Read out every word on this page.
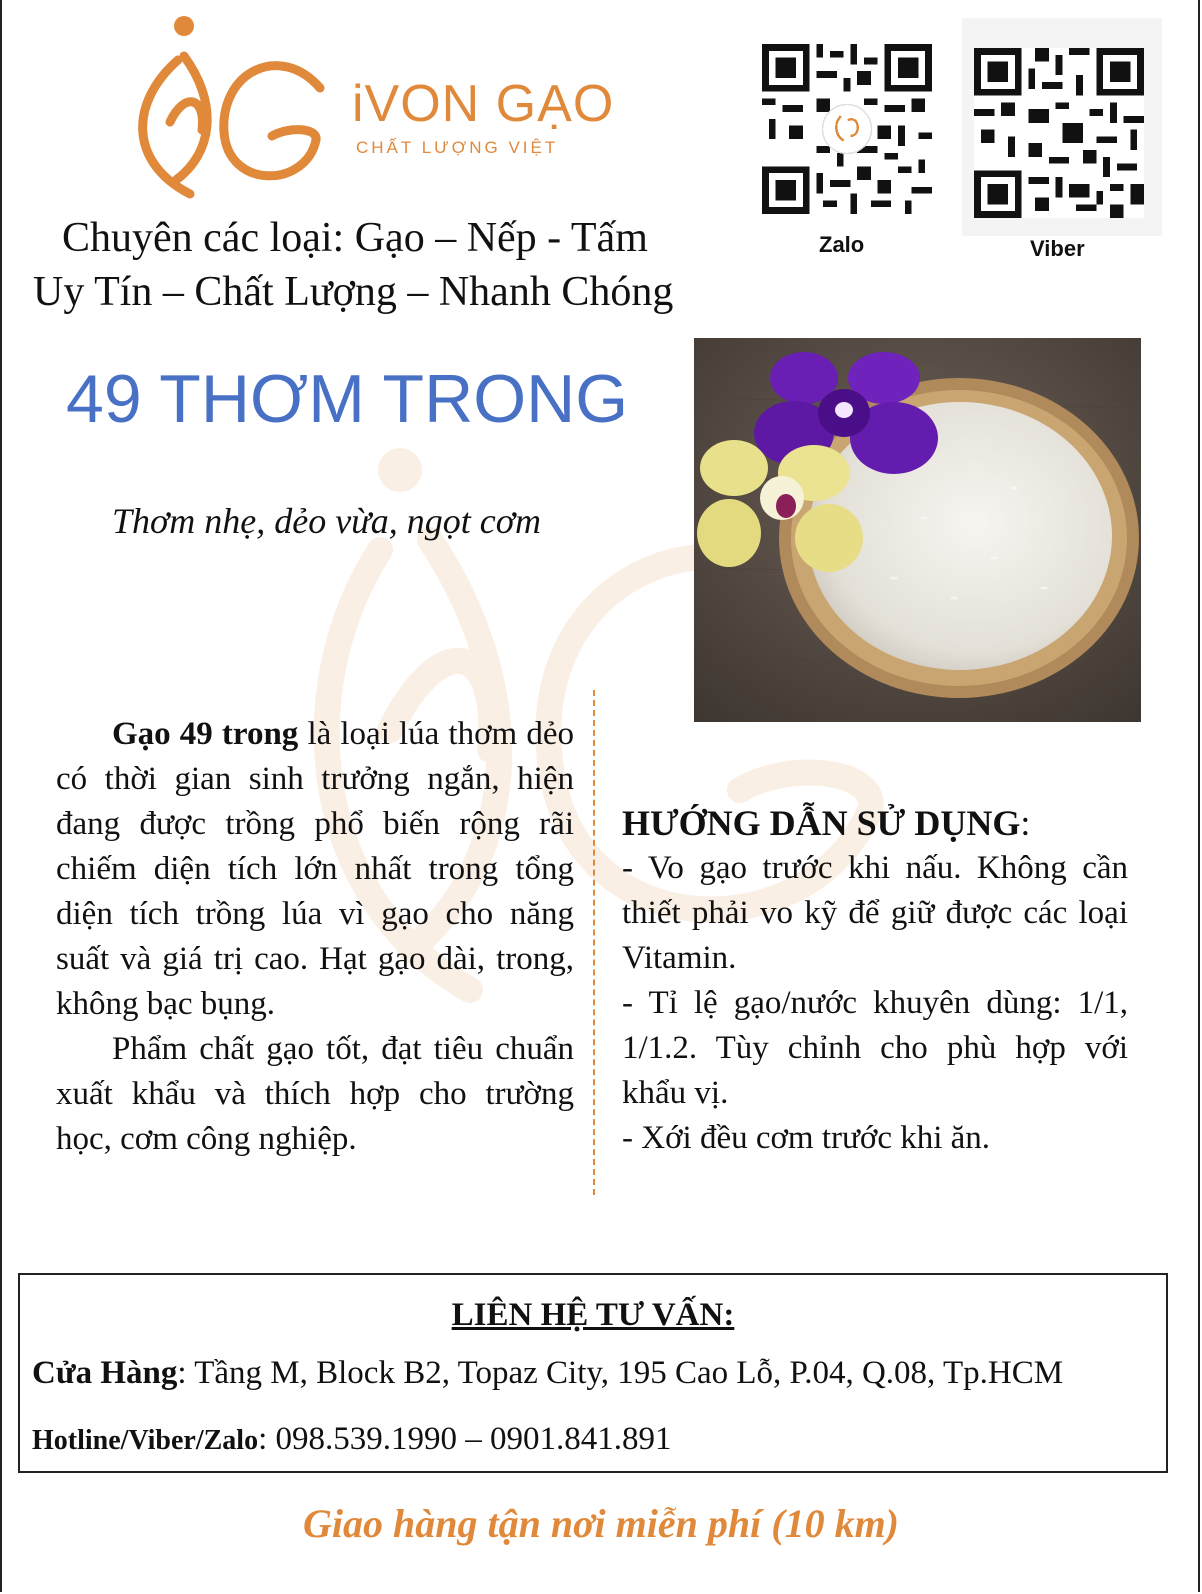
iVON GẠO
CHẤT LƯỢNG VIỆT
Zalo	Viber
Chuyên các loại: Gạo – Nếp - Tấm
Uy Tín – Chất Lượng – Nhanh Chóng
49 THƠM TRONG
Thơm nhẹ, dẻo vừa, ngọt cơm

Gạo 49 trong là loại lúa thơm dẻo có thời gian sinh trưởng ngắn, hiện đang được trồng phổ biến rộng rãi chiếm diện tích lớn nhất trong tổng diện tích trồng lúa vì gạo cho năng suất và giá trị cao. Hạt gạo dài, trong, không bạc bụng.

Phẩm chất gạo tốt, đạt tiêu chuẩn xuất khẩu và thích hợp cho trường học, cơm công nghiệp.

HƯỚNG DẪN SỬ DỤNG:

- Vo gạo trước khi nấu. Không cần thiết phải vo kỹ để giữ được các loại Vitamin.

- Tỉ lệ gạo/nước khuyên dùng: 1/1, 1/1.2. Tùy chỉnh cho phù hợp với khẩu vị.

- Xới đều cơm trước khi ăn.

LIÊN HỆ TƯ VẤN:
Cửa Hàng: Tầng M, Block B2, Topaz City, 195 Cao Lỗ, P.04, Q.08, Tp.HCM
Hotline/Viber/Zalo: 098.539.1990 – 0901.841.891
Giao hàng tận nơi miễn phí (10 km)
